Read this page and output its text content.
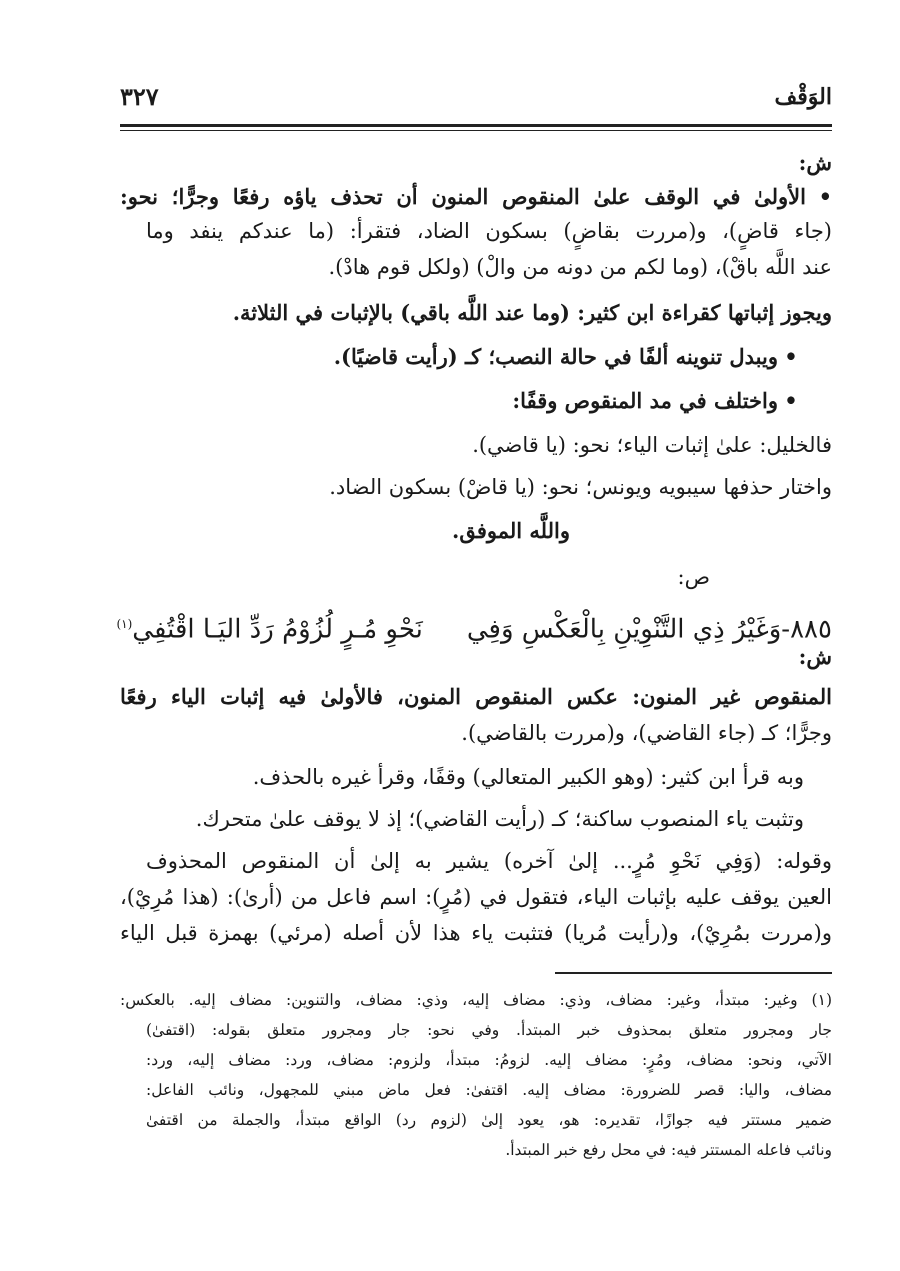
الوَقْف
٣٢٧
ش:
•الأولىٰ في الوقف علىٰ المنقوص المنون أن تحذف ياؤه رفعًا وجرًّا؛ نحو:
(جاء قاضٍ)، و(مررت بقاضٍ) بسكون الضاد، فتقرأ: (ما عندكم ينفد وما
عند اللَّه باقْ)، (وما لكم من دونه من والْ) (ولكل قوم هادْ).
ويجوز إثباتها كقراءة ابن كثير: (وما عند اللَّه باقي) بالإثبات في الثلاثة.
•ويبدل تنوينه ألفًا في حالة النصب؛ كـ (رأيت قاضيًا).
•واختلف في مد المنقوص وقفًا:
فالخليل: علىٰ إثبات الياء؛ نحو: (يا قاضي).
واختار حذفها سيبويه ويونس؛ نحو: (يا قاضْ) بسكون الضاد.
واللَّه الموفق.
ص:
٨٨٥-وَغَيْرُ ذِي التَّنْوِيْنِ بِالْعَكْسِ وَفِينَحْوِ مُـرٍ لُزُوْمُ رَدِّ اليَـا اقْتُفِي$^{(١)}$
ش:
المنقوص غير المنون: عكس المنقوص المنون، فالأولىٰ فيه إثبات الياء رفعًا
وجرًّا؛ كـ (جاء القاضي)، و(مررت بالقاضي).
وبه قرأ ابن كثير: (وهو الكبير المتعالي) وقفًا، وقرأ غيره بالحذف.
وتثبت ياء المنصوب ساكنة؛ كـ (رأيت القاضي)؛ إذ لا يوقف علىٰ متحرك.
وقوله: (وَفِي نَحْوِ مُرٍ... إلىٰ آخره) يشير به إلىٰ أن المنقوص المحذوف
العين يوقف عليه بإثبات الياء، فتقول في (مُرٍ): اسم فاعل من (أرىٰ): (هذا مُرِيْ)،
و(مررت بمُرِيْ)، و(رأيت مُريا) فتثبت ياء هذا لأن أصله (مرئي) بهمزة قبل الياء
(١) وغير: مبتدأ، وغير: مضاف، وذي: مضاف إليه، وذي: مضاف، والتنوين: مضاف إليه. بالعكس:
جار ومجرور متعلق بمحذوف خبر المبتدأ. وفي نحو: جار ومجرور متعلق بقوله: (اقتفىٰ)
الآتي، ونحو: مضاف، ومُرٍ: مضاف إليه. لزومُ: مبتدأ، ولزوم: مضاف، ورد: مضاف إليه، ورد:
مضاف، واليا: قصر للضرورة: مضاف إليه. اقتفىٰ: فعل ماض مبني للمجهول، ونائب الفاعل:
ضمير مستتر فيه جوازًا، تقديره: هو، يعود إلىٰ (لزوم رد) الواقع مبتدأ، والجملة من اقتفىٰ
ونائب فاعله المستتر فيه: في محل رفع خبر المبتدأ.
